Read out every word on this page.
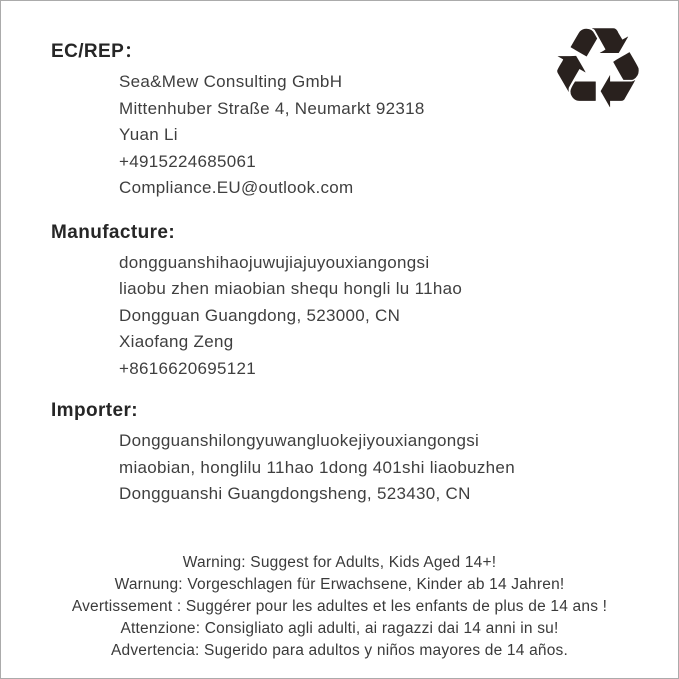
♻
EC/REP：
Sea&Mew Consulting GmbH
Mittenhuber Straße 4, Neumarkt 92318
Yuan Li
+4915224685061
Compliance.EU@outlook.com
Manufacture:
dongguanshihaojuwujiajuyouxiangongsi
liaobu zhen miaobian shequ hongli lu 11hao
Dongguan Guangdong, 523000, CN
Xiaofang Zeng
+8616620695121
Importer:
Dongguanshilongyuwangluokejiyouxiangongsi
miaobian, honglilu 11hao 1dong 401shi liaobuzhen
Dongguanshi Guangdongsheng, 523430, CN
Warning: Suggest for Adults, Kids Aged 14+!
Warnung: Vorgeschlagen für Erwachsene, Kinder ab 14 Jahren!
Avertissement : Suggérer pour les adultes et les enfants de plus de 14 ans !
Attenzione: Consigliato agli adulti, ai ragazzi dai 14 anni in su!
Advertencia: Sugerido para adultos y niños mayores de 14 años.
